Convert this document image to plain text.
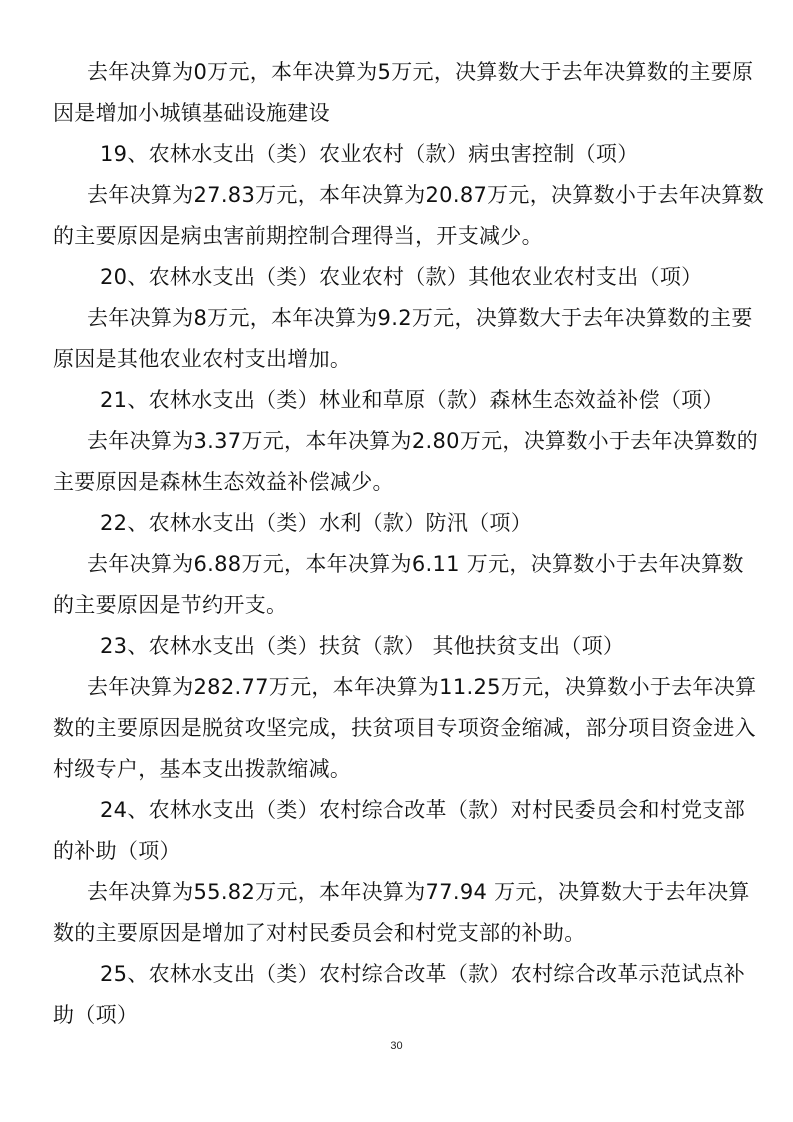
去年决算为0万元，本年决算为5万元，决算数大于去年决算数的主要原
因是增加小城镇基础设施建设
19、农林水支出（类）农业农村（款）病虫害控制（项）
去年决算为27.83万元，本年决算为20.87万元，决算数小于去年决算数
的主要原因是病虫害前期控制合理得当，开支减少。
20、农林水支出（类）农业农村（款）其他农业农村支出（项）
去年决算为8万元，本年决算为9.2万元，决算数大于去年决算数的主要
原因是其他农业农村支出增加。
21、农林水支出（类）林业和草原（款）森林生态效益补偿（项）
去年决算为3.37万元，本年决算为2.80万元，决算数小于去年决算数的
主要原因是森林生态效益补偿减少。
22、农林水支出（类）水利（款）防汛（项）
去年决算为6.88万元，本年决算为6.11 万元，决算数小于去年决算数
的主要原因是节约开支。
23、农林水支出（类）扶贫（款） 其他扶贫支出（项）
去年决算为282.77万元，本年决算为11.25万元，决算数小于去年决算
数的主要原因是脱贫攻坚完成，扶贫项目专项资金缩减，部分项目资金进入
村级专户，基本支出拨款缩减。
24、农林水支出（类）农村综合改革（款）对村民委员会和村党支部
的补助（项）
去年决算为55.82万元，本年决算为77.94 万元，决算数大于去年决算
数的主要原因是增加了对村民委员会和村党支部的补助。
25、农林水支出（类）农村综合改革（款）农村综合改革示范试点补
助（项）
30
